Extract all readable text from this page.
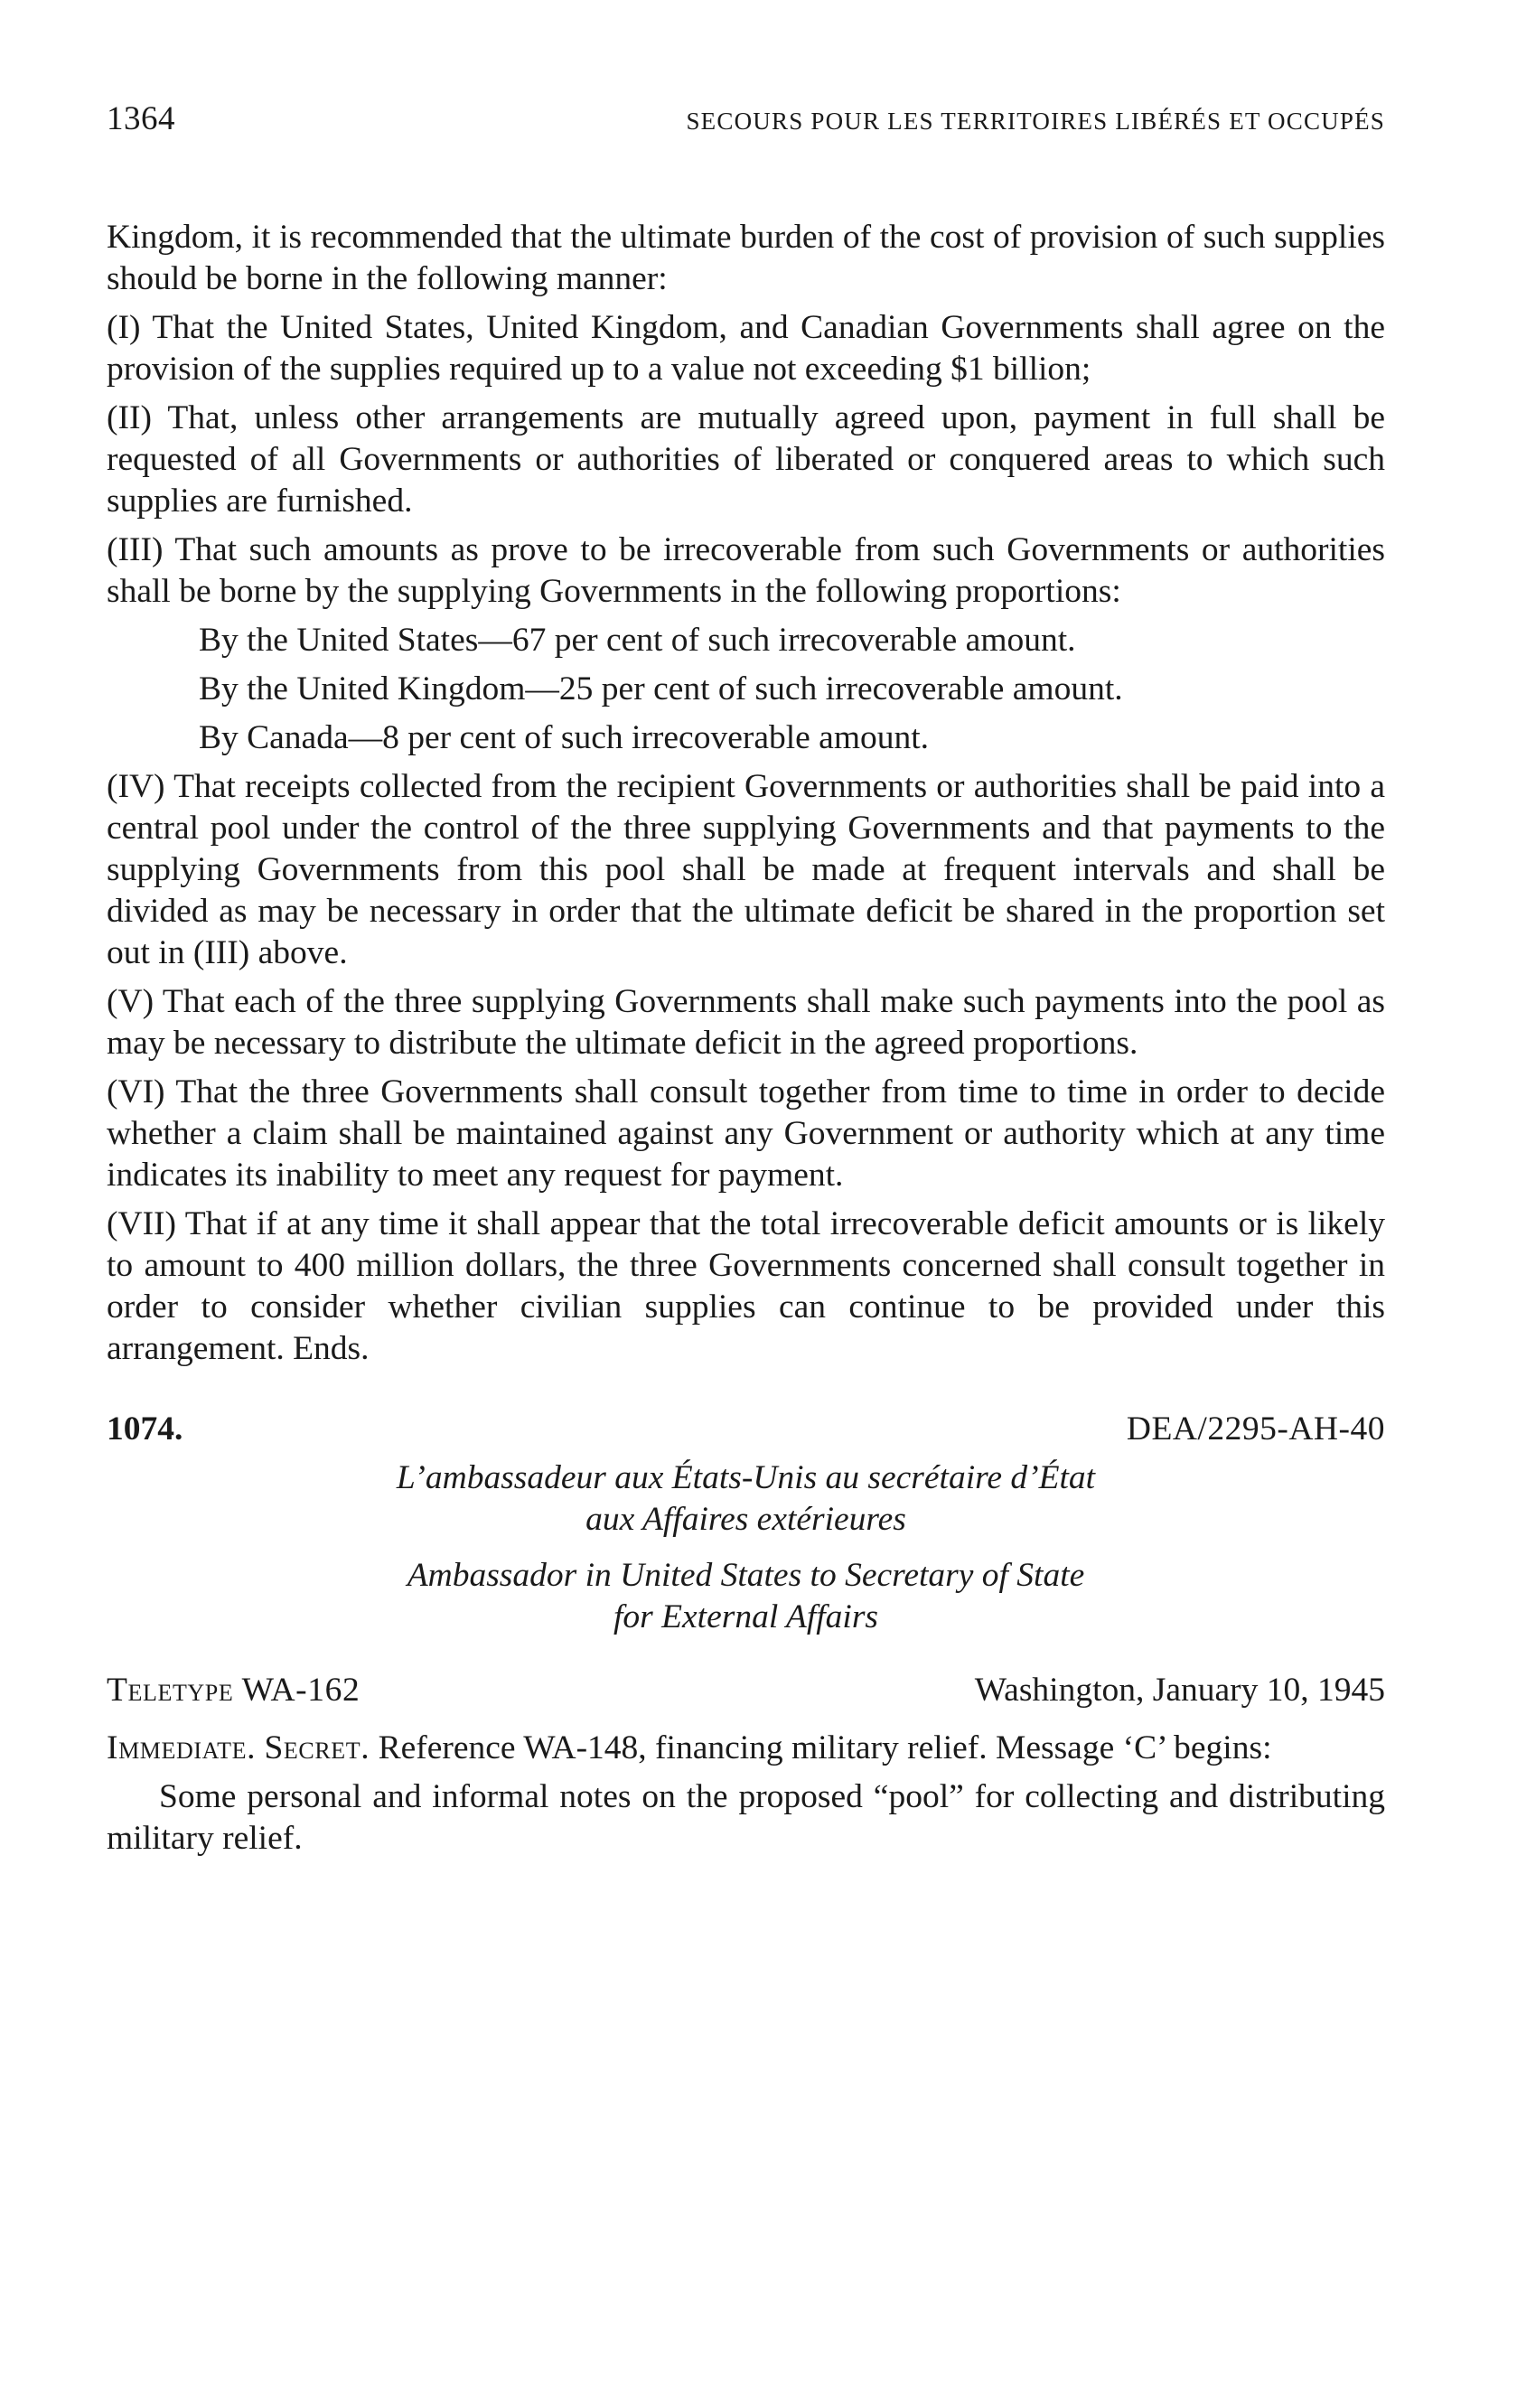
1364	SECOURS POUR LES TERRITOIRES LIBÉRÉS ET OCCUPÉS

Kingdom, it is recommended that the ultimate burden of the cost of provision of such supplies should be borne in the following manner:

(I) That the United States, United Kingdom, and Canadian Governments shall agree on the provision of the supplies required up to a value not exceeding $1 billion;

(II) That, unless other arrangements are mutually agreed upon, payment in full shall be requested of all Governments or authorities of liberated or conquered areas to which such supplies are furnished.

(III) That such amounts as prove to be irrecoverable from such Governments or authorities shall be borne by the supplying Governments in the following proportions:

By the United States—67 per cent of such irrecoverable amount.

By the United Kingdom—25 per cent of such irrecoverable amount.

By Canada—8 per cent of such irrecoverable amount.

(IV) That receipts collected from the recipient Governments or authorities shall be paid into a central pool under the control of the three supplying Governments and that payments to the supplying Governments from this pool shall be made at frequent intervals and shall be divided as may be necessary in order that the ultimate deficit be shared in the proportion set out in (III) above.

(V) That each of the three supplying Governments shall make such payments into the pool as may be necessary to distribute the ultimate deficit in the agreed proportions.

(VI) That the three Governments shall consult together from time to time in order to decide whether a claim shall be maintained against any Government or authority which at any time indicates its inability to meet any request for payment.

(VII) That if at any time it shall appear that the total irrecoverable deficit amounts or is likely to amount to 400 million dollars, the three Governments concerned shall consult together in order to consider whether civilian supplies can continue to be provided under this arrangement. Ends.

1074.	DEA/2295-AH-40
L’ambassadeur aux États-Unis au secrétaire d’État
aux Affaires extérieures
Ambassador in United States to Secretary of State
for External Affairs
Teletype WA-162	Washington, January 10, 1945

Immediate. Secret. Reference WA-148, financing military relief. Message ‘C’ begins:

Some personal and informal notes on the proposed “pool” for collecting and distributing military relief.
